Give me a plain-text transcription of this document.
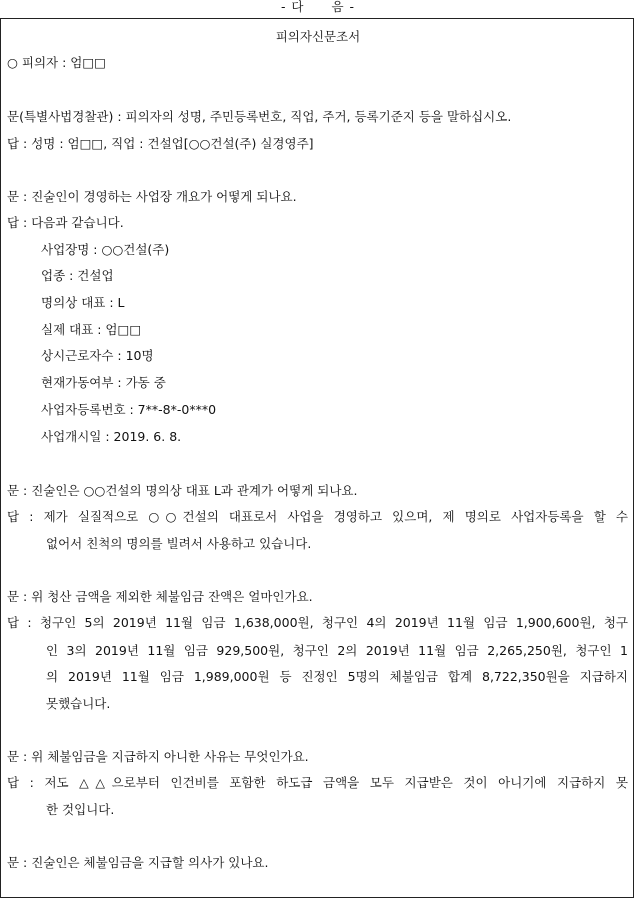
- 다　　음 -
피의자신문조서
○ 피의자 : 엄□□
문(특별사법경찰관) : 피의자의 성명, 주민등록번호, 직업, 주거, 등록기준지 등을 말하십시오.
답 : 성명 : 엄□□, 직업 : 건설업[○○건설(주) 실경영주]
문 : 진술인이 경영하는 사업장 개요가 어떻게 되나요.
답 : 다음과 같습니다.
사업장명 : ○○건설(주)
업종 : 건설업
명의상 대표 : L
실제 대표 : 엄□□
상시근로자수 : 10명
현재가동여부 : 가동 중
사업자등록번호 : 7**-8*-0***0
사업개시일 : 2019. 6. 8.
문 : 진술인은 ○○건설의 명의상 대표 L과 관계가 어떻게 되나요.
답 : 제가 실질적으로 ○○건설의 대표로서 사업을 경영하고 있으며, 제 명의로 사업자등록을 할 수
없어서 친척의 명의를 빌려서 사용하고 있습니다.
문 : 위 청산 금액을 제외한 체불임금 잔액은 얼마인가요.
답 : 청구인 5의 2019년 11월 임금 1,638,000원, 청구인 4의 2019년 11월 임금 1,900,600원, 청구
인 3의 2019년 11월 임금 929,500원, 청구인 2의 2019년 11월 임금 2,265,250원, 청구인 1
의 2019년 11월 임금 1,989,000원 등 진정인 5명의 체불임금 합계 8,722,350원을 지급하지
못했습니다.
문 : 위 체불임금을 지급하지 아니한 사유는 무엇인가요.
답 : 저도 △△으로부터 인건비를 포함한 하도급 금액을 모두 지급받은 것이 아니기에 지급하지 못
한 것입니다.
문 : 진술인은 체불임금을 지급할 의사가 있나요.
